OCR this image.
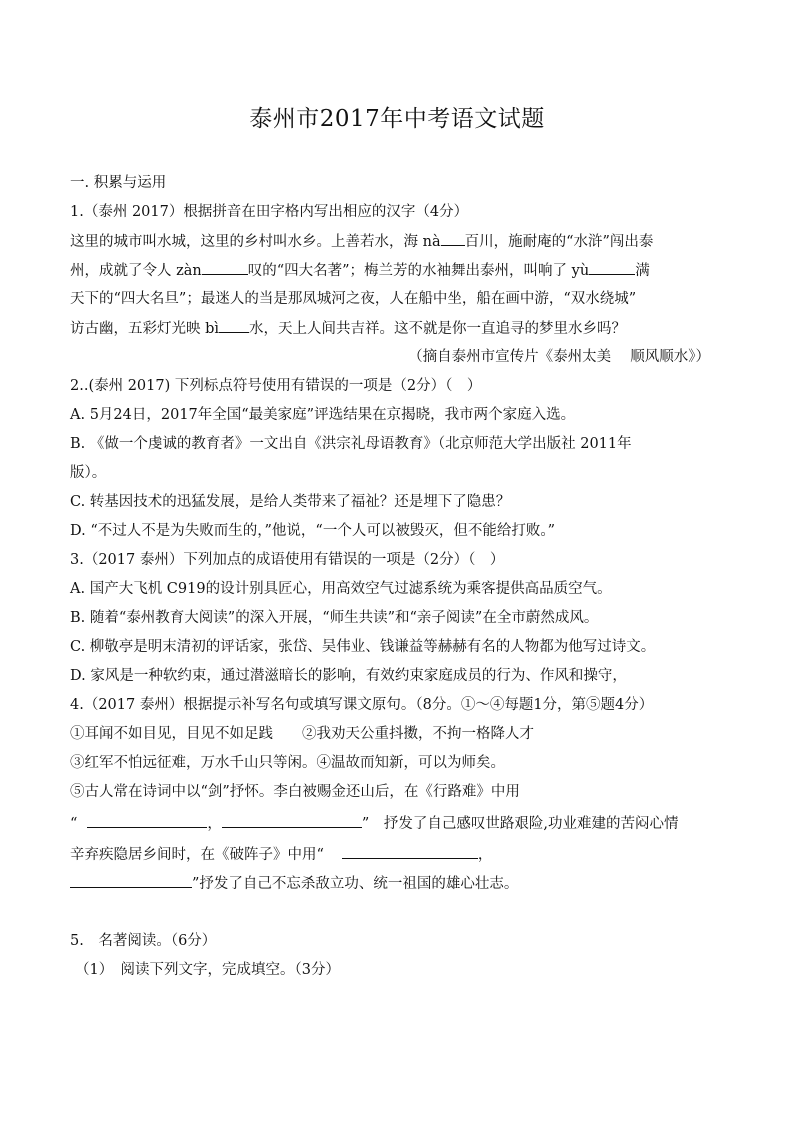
泰州市2017年中考语文试题
一. 积累与运用
1.（泰州 2017）根据拼音在田字格内写出相应的汉字（4分）
这里的城市叫水城，这里的乡村叫水乡。上善若水，海 nà 百川，施耐庵的“水浒”闯出泰
州，成就了令人 zàn	叹的“四大名著”；梅兰芳的水袖舞出泰州，叫响了 yù	满
天下的“四大名旦”；最迷人的当是那凤城河之夜，人在船中坐，船在画中游，“双水绕城”
访古幽，五彩灯光映 bì 水，天上人间共吉祥。这不就是你一直追寻的梦里水乡吗？
（摘自泰州市宣传片《泰州太美　 顺风顺水》）
2..(泰州 2017) 下列标点符号使用有错误的一项是（2分）（　）
A. 5月24日，2017年全国“最美家庭”评选结果在京揭晓，我市两个家庭入选。
B. 《做一个虔诚的教育者》一文出自《洪宗礼母语教育》（北京师范大学出版社 2011年
版）。
C. 转基因技术的迅猛发展，是给人类带来了福祉？还是埋下了隐患？
D. “不过人不是为失败而生的，”他说，“一个人可以被毁灭，但不能给打败。”
3.（2017 泰州）下列加点的成语使用有错误的一项是（2分）（　）
A. 国产大飞机 C919的设计别具匠心，用高效空气过滤系统为乘客提供高品质空气。
B. 随着“泰州教育大阅读”的深入开展，“师生共读”和“亲子阅读”在全市蔚然成风。
C. 柳敬亭是明末清初的评话家，张岱、吴伟业、钱谦益等赫赫有名的人物都为他写过诗文。
D. 家风是一种软约束，通过潜滋暗长的影响，有效约束家庭成员的行为、作风和操守，
4.（2017 泰州）根据提示补写名句或填写课文原句。（8分。①～④每题1分，第⑤题4分）
①耳闻不如目见，目见不如足践　　②我劝天公重抖擞，不拘一格降人才
③红军不怕远征难，万水千山只等闲。④温故而知新，可以为师矣。
⑤古人常在诗词中以“剑”抒怀。李白被赐金还山后，在《行路难》中用
“	，	”　抒发了自己感叹世路艰险,功业难建的苦闷心情
辛弃疾隐居乡间时，在《破阵子》中用“	，
”抒发了自己不忘杀敌立功、统一祖国的雄心壮志。
5.　名著阅读。（6分）
（1）　阅读下列文字，完成填空。（3分）
